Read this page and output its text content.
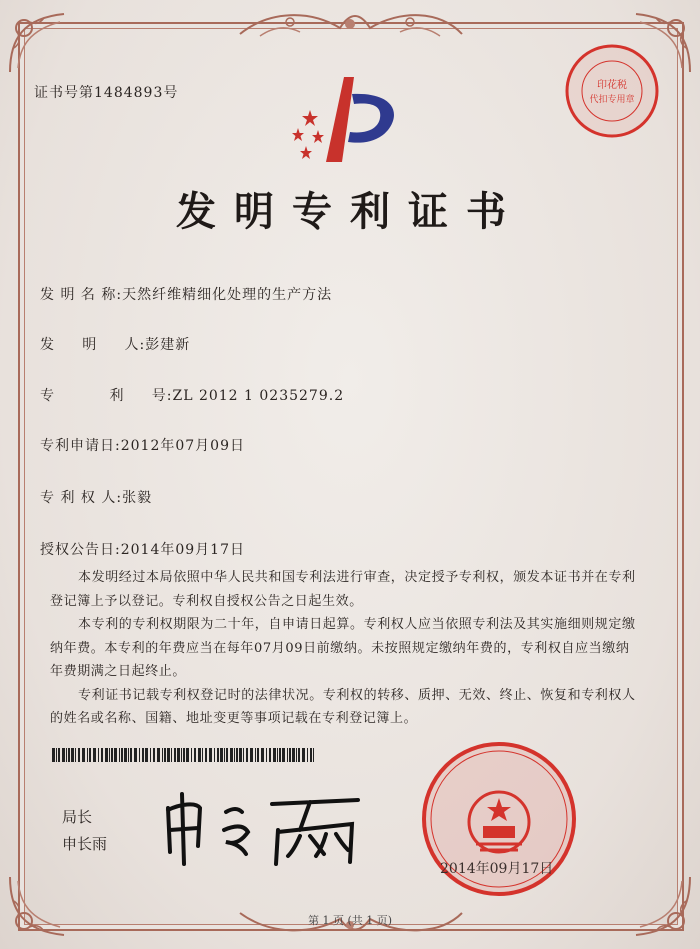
证书号第1484893号
发明专利证书
发 明 名 称:天然纤维精细化处理的生产方法
发     明     人:彭建新
专          利     号:ZL 2012 1 0235279.2
专利申请日:2012年07月09日
专 利 权 人:张毅
授权公告日:2014年09月17日

本发明经过本局依照中华人民共和国专利法进行审查，决定授予专利权，颁发本证书并在专利登记簿上予以登记。专利权自授权公告之日起生效。

本专利的专利权期限为二十年，自申请日起算。专利权人应当依照专利法及其实施细则规定缴纳年费。本专利的年费应当在每年07月09日前缴纳。未按照规定缴纳年费的，专利权自应当缴纳年费期满之日起终止。

专利证书记载专利权登记时的法律状况。专利权的转移、质押、无效、终止、恢复和专利权人的姓名或名称、国籍、地址变更等事项记载在专利登记簿上。

局长
申长雨
2014年09月17日
印花税
代扣专用章
第 1 页 (共 1 页)
